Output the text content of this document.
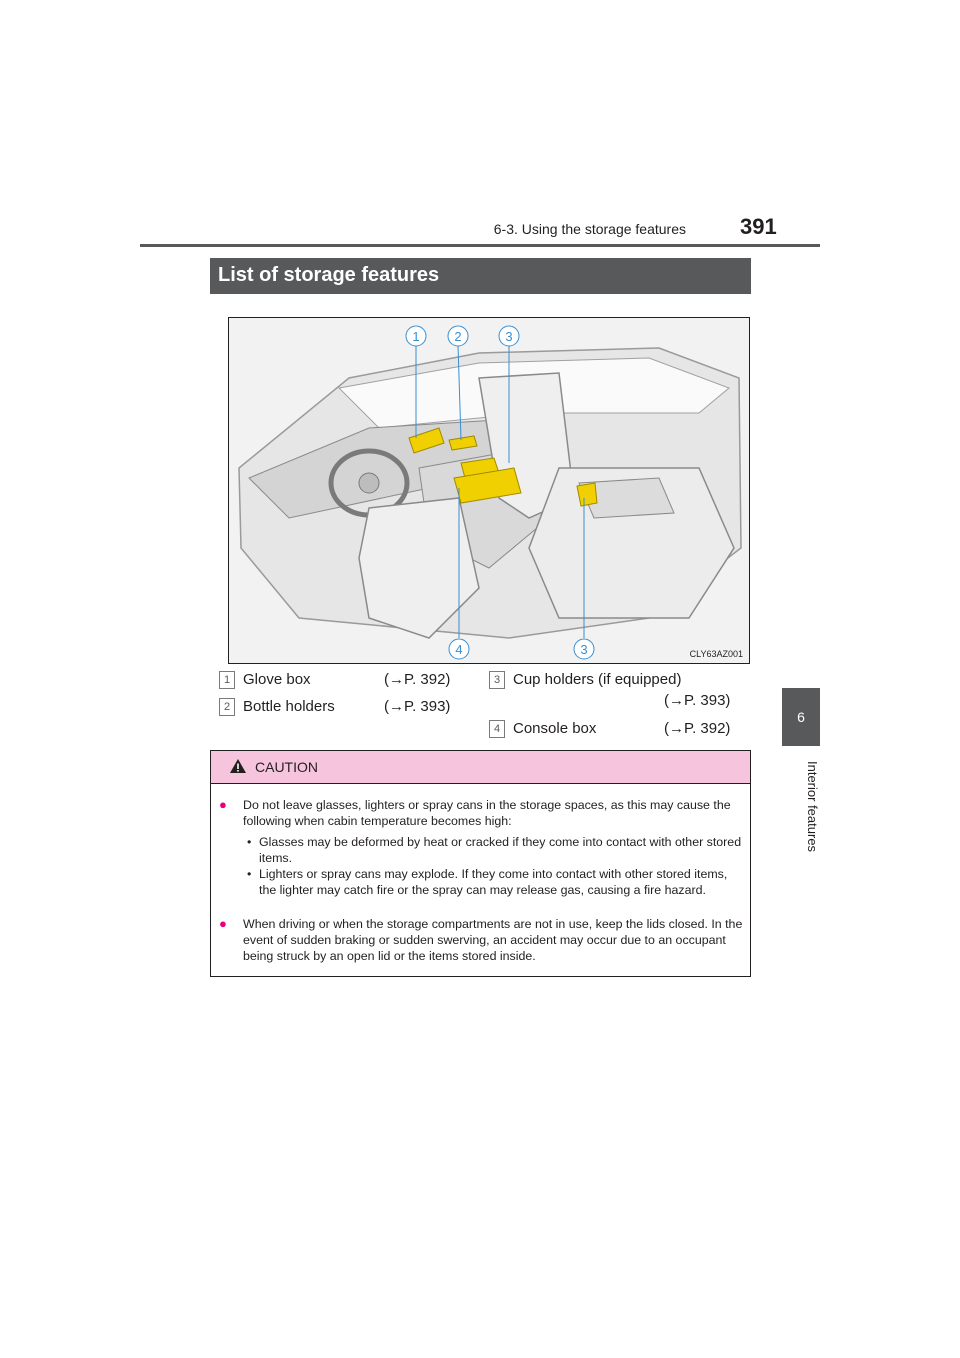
6-3. Using the storage features 391
6
Interior features
List of storage features
1	2	3
4	3	CLY63AZ001
1 Glove box	(→P. 392)
2 Bottle holders	(→P. 393)
3 Cup holders (if equipped)
(→P. 393)
4 Console box	(→P. 392)
CAUTION
● Do not leave glasses, lighters or spray cans in the storage spaces, as this may cause the following when cabin temperature becomes high:
• Glasses may be deformed by heat or cracked if they come into contact with other stored items.
• Lighters or spray cans may explode. If they come into contact with other stored items, the lighter may catch fire or the spray can may release gas, causing a fire hazard.
● When driving or when the storage compartments are not in use, keep the lids closed. In the event of sudden braking or sudden swerving, an accident may occur due to an occupant being struck by an open lid or the items stored inside.
